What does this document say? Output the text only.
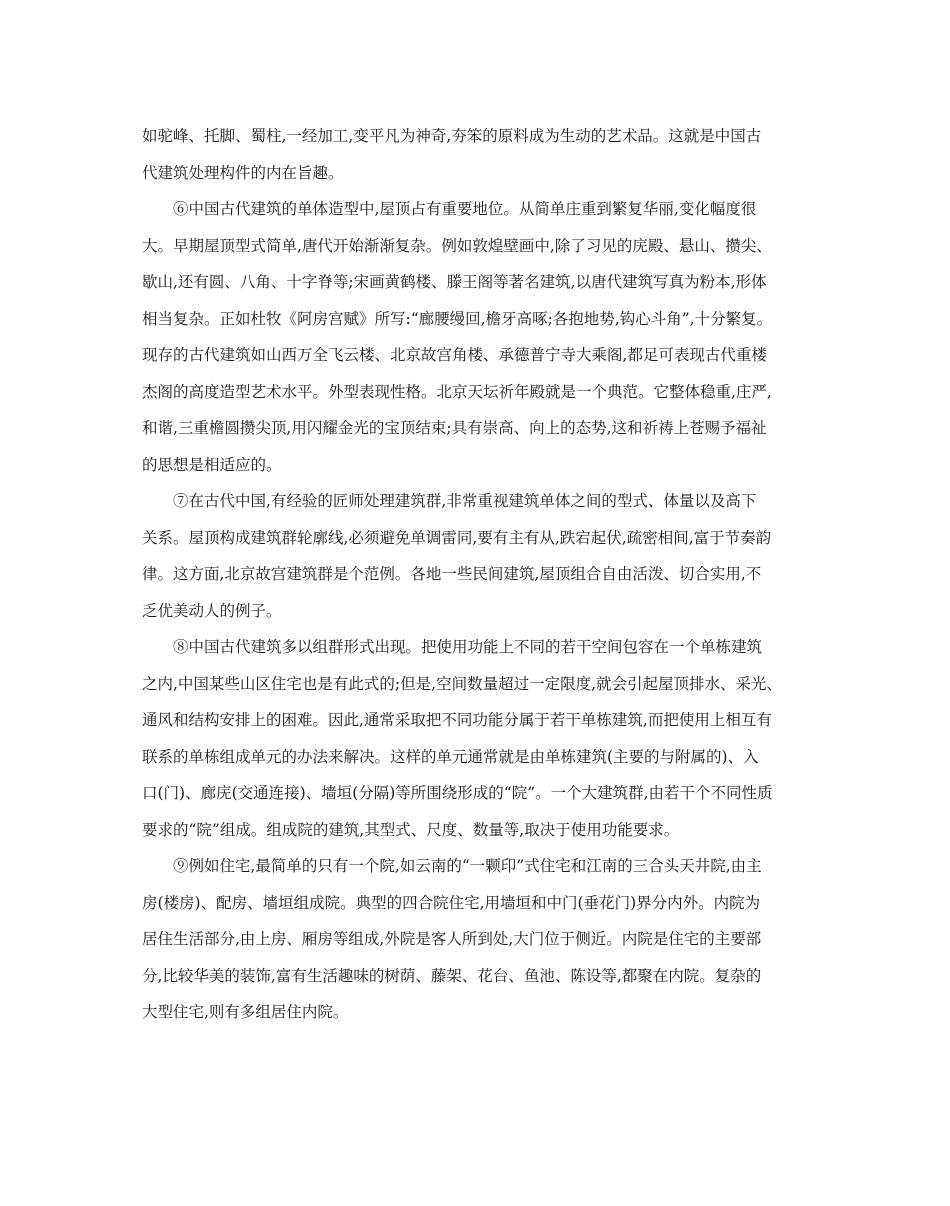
如驼峰、托脚、蜀柱,一经加工,变平凡为神奇,夯笨的原料成为生动的艺术品。这就是中国古
代建筑处理构件的内在旨趣。
⑥中国古代建筑的单体造型中,屋顶占有重要地位。从简单庄重到繁复华丽,变化幅度很
大。早期屋顶型式简单,唐代开始渐渐复杂。例如敦煌壁画中,除了习见的庑殿、悬山、攒尖、
歇山,还有圆、八角、十字脊等;宋画黄鹤楼、滕王阁等著名建筑,以唐代建筑写真为粉本,形体
相当复杂。正如杜牧《阿房宫赋》所写:“廊腰缦回,檐牙高啄;各抱地势,钩心斗角”,十分繁复。
现存的古代建筑如山西万全飞云楼、北京故宫角楼、承德普宁寺大乘阁,都足可表现古代重楼
杰阁的高度造型艺术水平。外型表现性格。北京天坛祈年殿就是一个典范。它整体稳重,庄严,
和谐,三重檐圆攒尖顶,用闪耀金光的宝顶结束;具有崇高、向上的态势,这和祈祷上苍赐予福祉
的思想是相适应的。
⑦在古代中国,有经验的匠师处理建筑群,非常重视建筑单体之间的型式、体量以及高下
关系。屋顶构成建筑群轮廓线,必须避免单调雷同,要有主有从,跌宕起伏,疏密相间,富于节奏韵
律。这方面,北京故宫建筑群是个范例。各地一些民间建筑,屋顶组合自由活泼、切合实用,不
乏优美动人的例子。
⑧中国古代建筑多以组群形式出现。把使用功能上不同的若干空间包容在一个单栋建筑
之内,中国某些山区住宅也是有此式的;但是,空间数量超过一定限度,就会引起屋顶排水、采光、
通风和结构安排上的困难。因此,通常采取把不同功能分属于若干单栋建筑,而把使用上相互有
联系的单栋组成单元的办法来解决。这样的单元通常就是由单栋建筑(主要的与附属的)、入
口(门)、廊庑(交通连接)、墙垣(分隔)等所围绕形成的“院”。一个大建筑群,由若干个不同性质
要求的“院”组成。组成院的建筑,其型式、尺度、数量等,取决于使用功能要求。
⑨例如住宅,最简单的只有一个院,如云南的“一颗印”式住宅和江南的三合头天井院,由主
房(楼房)、配房、墙垣组成院。典型的四合院住宅,用墙垣和中门(垂花门)界分内外。内院为
居住生活部分,由上房、厢房等组成,外院是客人所到处,大门位于侧近。内院是住宅的主要部
分,比较华美的装饰,富有生活趣味的树荫、藤架、花台、鱼池、陈设等,都聚在内院。复杂的
大型住宅,则有多组居住内院。
